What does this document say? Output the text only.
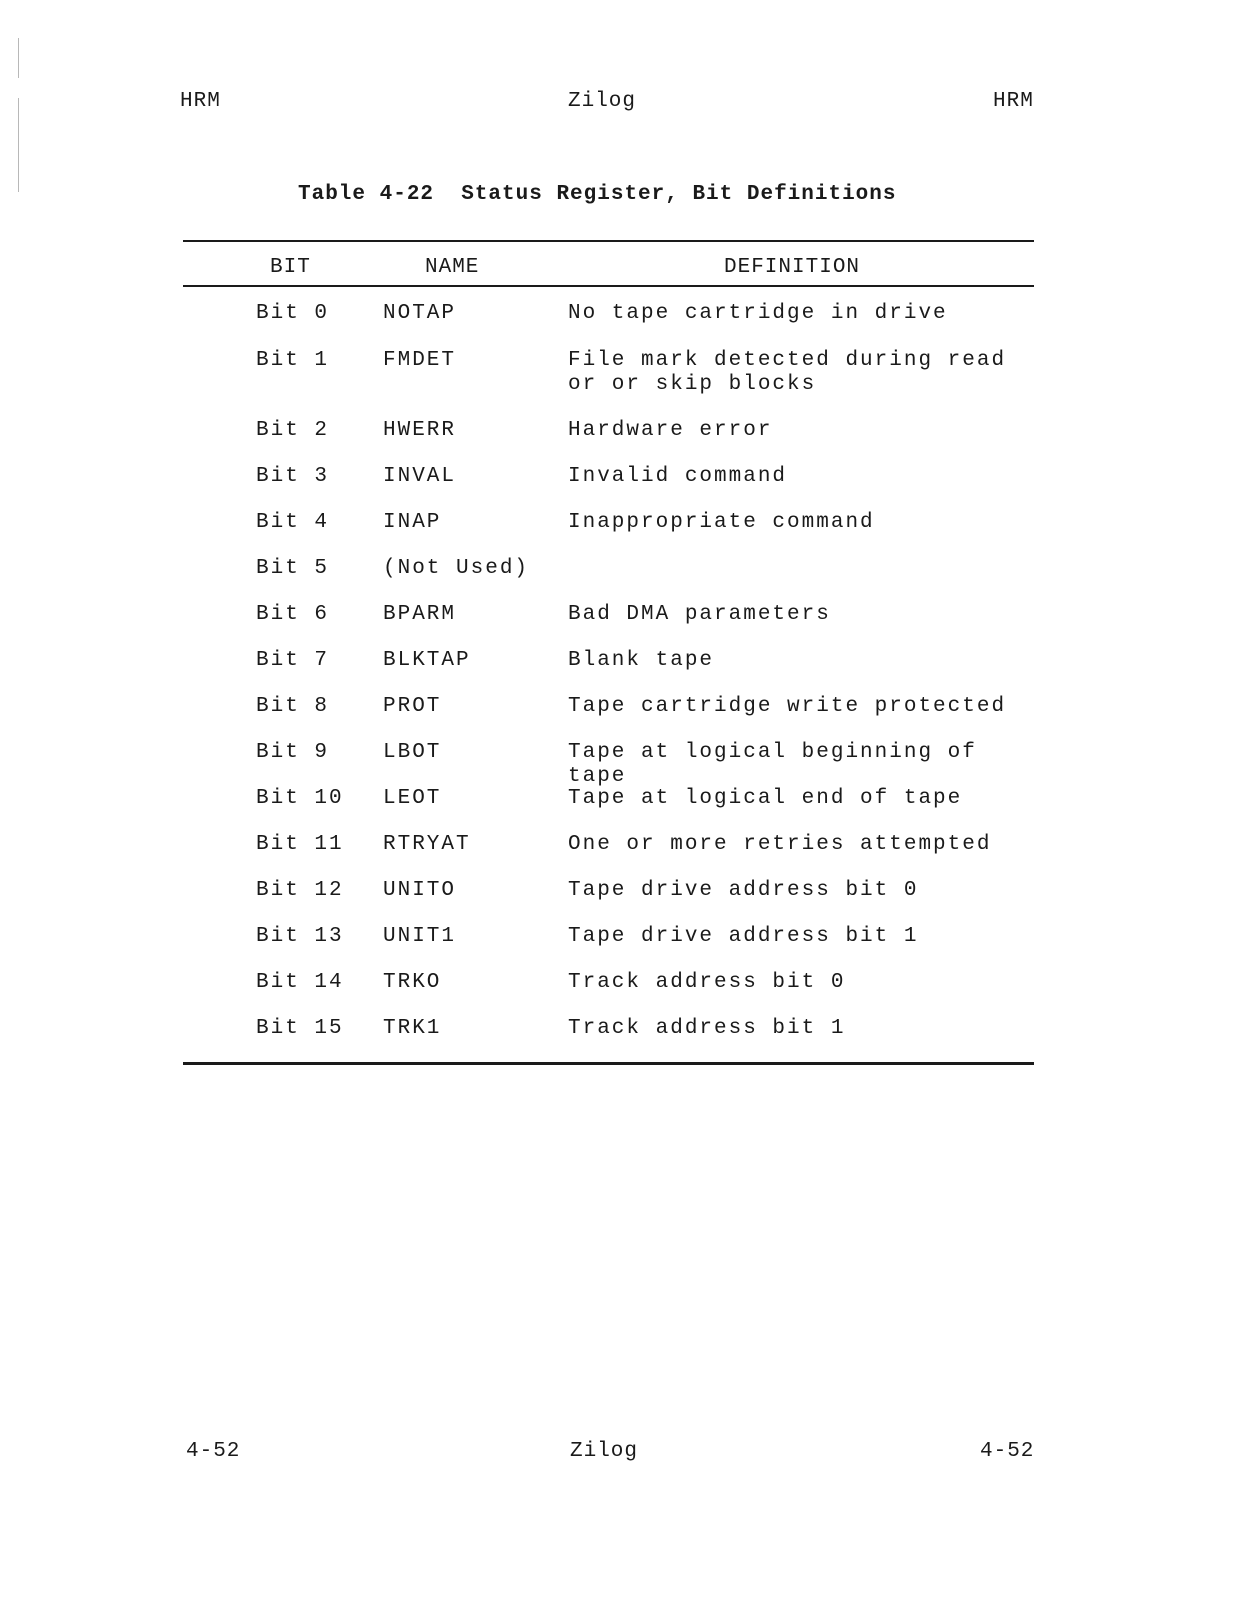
HRM	Zilog	HRM
Table 4-22  Status Register, Bit Definitions
BIT	NAME	DEFINITION
Bit 0	NOTAP	No tape cartridge in drive
Bit 1	FMDET	File mark detected during read or or skip blocks
Bit 2	HWERR	Hardware error
Bit 3	INVAL	Invalid command
Bit 4	INAP	Inappropriate command
Bit 5	(Not Used)
Bit 6	BPARM	Bad DMA parameters
Bit 7	BLKTAP	Blank tape
Bit 8	PROT	Tape cartridge write protected
Bit 9	LBOT	Tape at logical beginning of tape
Bit 10 LEOT	Tape at logical end of tape
Bit 11 RTRYAT	One or more retries attempted
Bit 12 UNITO	Tape drive address bit 0
Bit 13 UNIT1	Tape drive address bit 1
Bit 14 TRKO	Track address bit 0
Bit 15 TRK1	Track address bit 1
4-52	Zilog	4-52
